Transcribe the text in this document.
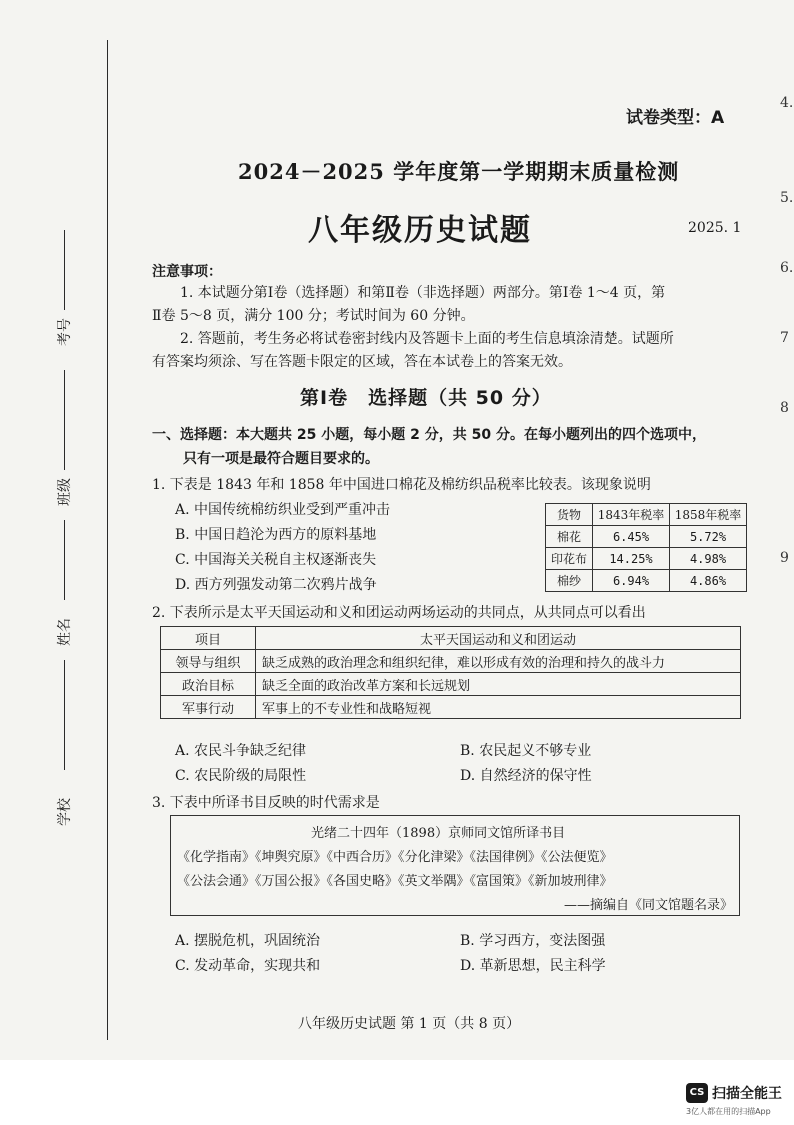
考号
班级
姓名
学校
4.
5.
6.
7
8
9
试卷类型：A
2024－2025 学年度第一学期期末质量检测
八年级历史试题	2025. 1
注意事项：
1. 本试题分第Ⅰ卷（选择题）和第Ⅱ卷（非选择题）两部分。第Ⅰ卷 1～4 页，第
Ⅱ卷 5～8 页，满分 100 分；考试时间为 60 分钟。
2. 答题前，考生务必将试卷密封线内及答题卡上面的考生信息填涂清楚。试题所
有答案均须涂、写在答题卡限定的区域，答在本试卷上的答案无效。
第Ⅰ卷　选择题（共 50 分）
一、选择题：本大题共 25 小题，每小题 2 分，共 50 分。在每小题列出的四个选项中，
只有一项是最符合题目要求的。
1. 下表是 1843 年和 1858 年中国进口棉花及棉纺织品税率比较表。该现象说明
A. 中国传统棉纺织业受到严重冲击
B. 中国日趋沦为西方的原料基地
C. 中国海关关税自主权逐渐丧失
D. 西方列强发动第二次鸦片战争
货物	1843年税率	1858年税率
棉花	6.45%	5.72%
印花布	14.25%	4.98%
棉纱	6.94%	4.86%
2. 下表所示是太平天国运动和义和团运动两场运动的共同点，从共同点可以看出
项目	太平天国运动和义和团运动
领导与组织	缺乏成熟的政治理念和组织纪律，难以形成有效的治理和持久的战斗力
政治目标	缺乏全面的政治改革方案和长远规划
军事行动	军事上的不专业性和战略短视
A. 农民斗争缺乏纪律	B. 农民起义不够专业
C. 农民阶级的局限性	D. 自然经济的保守性
3. 下表中所译书目反映的时代需求是
光绪二十四年（1898）京师同文馆所译书目
《化学指南》《坤舆究原》《中西合历》《分化津梁》《法国律例》《公法便览》
《公法会通》《万国公报》《各国史略》《英文举隅》《富国策》《新加坡刑律》
——摘编自《同文馆题名录》
A. 摆脱危机，巩固统治	B. 学习西方，变法图强
C. 发动革命，实现共和	D. 革新思想，民主科学
八年级历史试题 第 1 页（共 8 页）
CS 扫描全能王
3亿人都在用的扫描App
